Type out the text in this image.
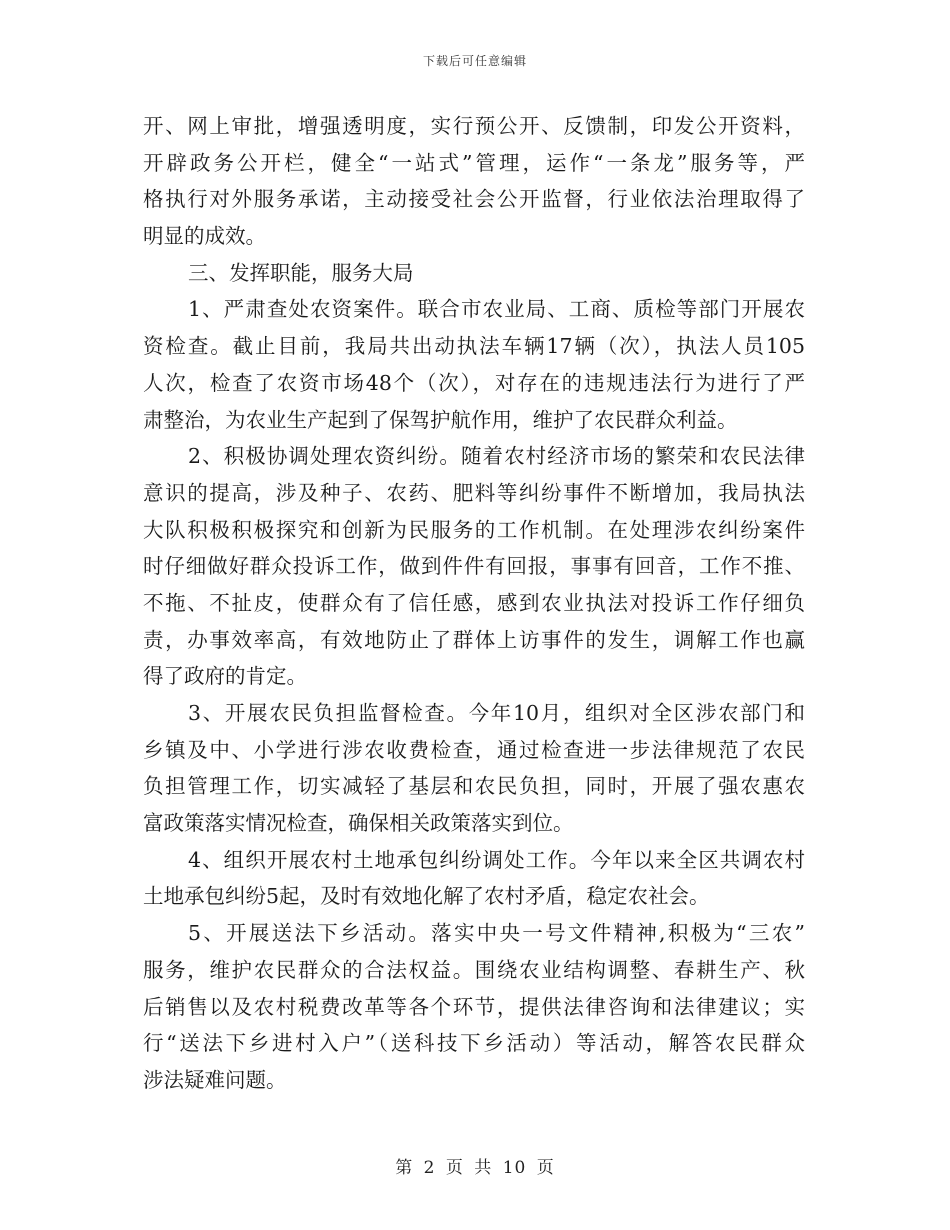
下载后可任意编辑
开、网上审批，增强透明度，实行预公开、反馈制，印发公开资料，
开辟政务公开栏，健全“一站式”管理，运作“一条龙”服务等，严
格执行对外服务承诺，主动接受社会公开监督，行业依法治理取得了
明显的成效。
三、发挥职能，服务大局
1、严肃查处农资案件。联合市农业局、工商、质检等部门开展农
资检查。截止目前，我局共出动执法车辆17辆（次），执法人员105
人次，检查了农资市场48个（次），对存在的违规违法行为进行了严
肃整治，为农业生产起到了保驾护航作用，维护了农民群众利益。
2、积极协调处理农资纠纷。随着农村经济市场的繁荣和农民法律
意识的提高，涉及种子、农药、肥料等纠纷事件不断增加，我局执法
大队积极积极探究和创新为民服务的工作机制。在处理涉农纠纷案件
时仔细做好群众投诉工作，做到件件有回报，事事有回音，工作不推、
不拖、不扯皮，使群众有了信任感，感到农业执法对投诉工作仔细负
责，办事效率高，有效地防止了群体上访事件的发生，调解工作也赢
得了政府的肯定。
3、开展农民负担监督检查。今年10月，组织对全区涉农部门和
乡镇及中、小学进行涉农收费检查，通过检查进一步法律规范了农民
负担管理工作，切实减轻了基层和农民负担，同时，开展了强农惠农
富政策落实情况检查，确保相关政策落实到位。
4、组织开展农村土地承包纠纷调处工作。今年以来全区共调农村
土地承包纠纷5起，及时有效地化解了农村矛盾，稳定农社会。
5、开展送法下乡活动。落实中央一号文件精神,积极为“三农”
服务，维护农民群众的合法权益。围绕农业结构调整、春耕生产、秋
后销售以及农村税费改革等各个环节，提供法律咨询和法律建议；实
行“送法下乡进村入户”（送科技下乡活动）等活动，解答农民群众
涉法疑难问题。
第 2 页 共 10 页
